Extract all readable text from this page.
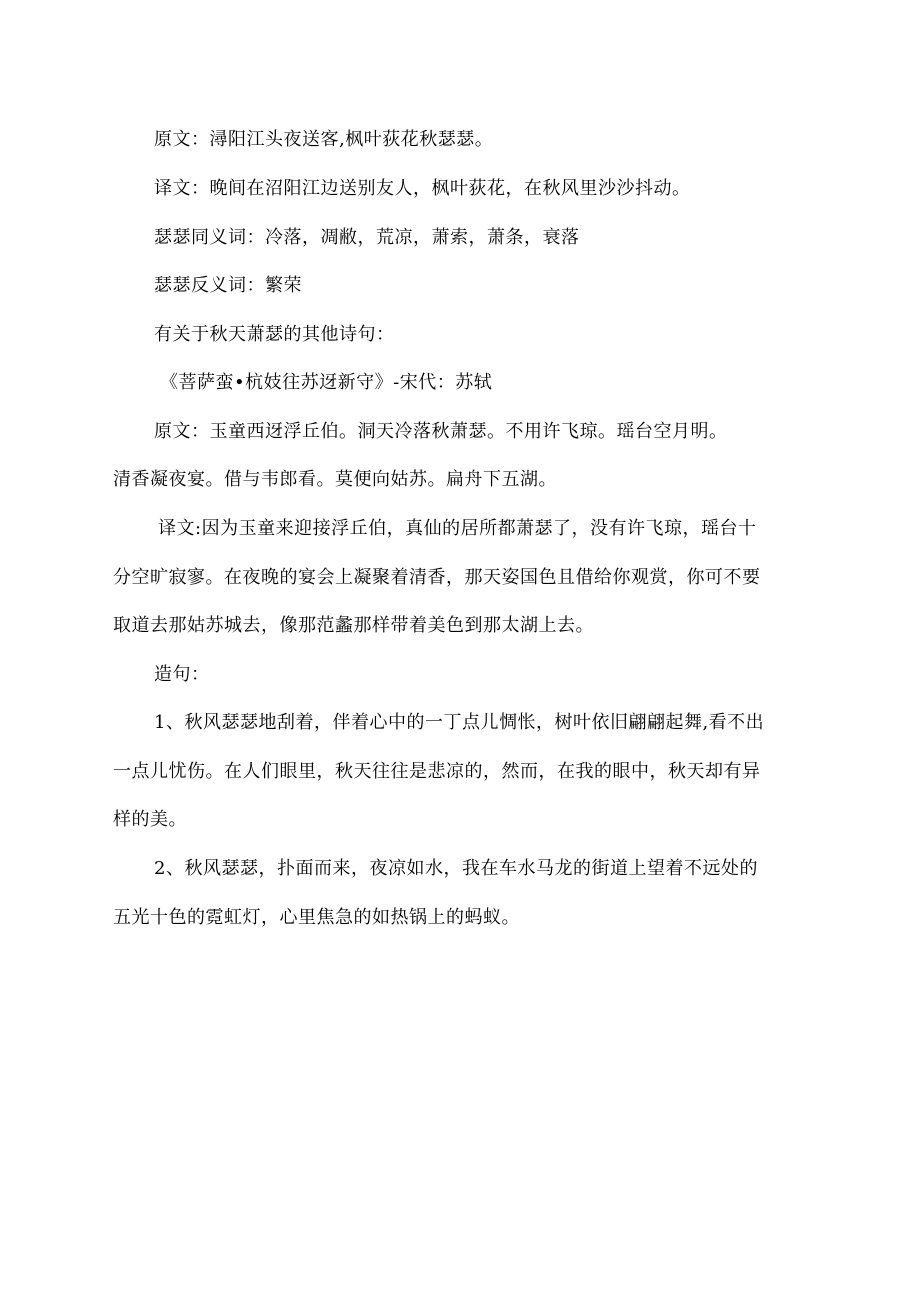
原文：潯阳江头夜送客,枫叶荻花秋瑟瑟。
译文：晚间在沼阳江边送别友人，枫叶荻花，在秋风里沙沙抖动。
瑟瑟同义词：冷落，凋敝，荒凉，萧索，萧条，衰落
瑟瑟反义词：繁荣
有关于秋天萧瑟的其他诗句：
《菩萨蛮•杭妓往苏迓新守》-宋代：苏轼
原文：玉童西迓浮丘伯。洞天冷落秋萧瑟。不用许飞琼。瑶台空月明。
清香凝夜宴。借与韦郎看。莫便向姑苏。扁舟下五湖。
译文:因为玉童来迎接浮丘伯，真仙的居所都萧瑟了，没有许飞琼，瑶台十
分空旷寂寥。在夜晚的宴会上凝聚着清香，那天姿国色且借给你观赏，你可不要
取道去那姑苏城去，像那范蠡那样带着美色到那太湖上去。
造句：
1、秋风瑟瑟地刮着，伴着心中的一丁点儿惆怅，树叶依旧翩翩起舞,看不出
一点儿忧伤。在人们眼里，秋天往往是悲凉的，然而，在我的眼中，秋天却有异
样的美。
2、秋风瑟瑟，扑面而来，夜凉如水，我在车水马龙的街道上望着不远处的
五光十色的霓虹灯，心里焦急的如热锅上的蚂蚁。
